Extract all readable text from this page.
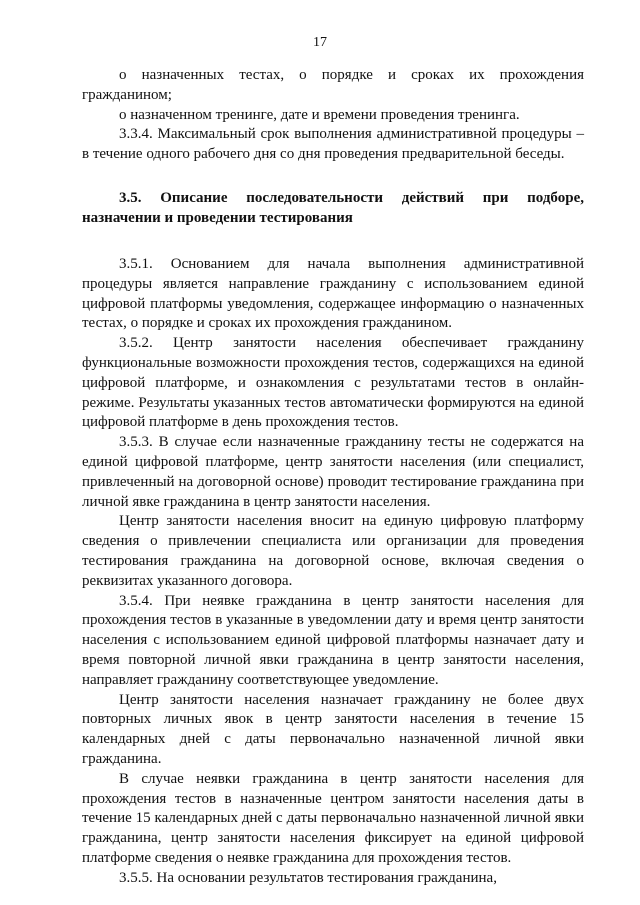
17

о назначенных тестах, о порядке и сроках их прохождения гражданином;

о назначенном тренинге, дате и времени проведения тренинга.

3.3.4. Максимальный срок выполнения административной процедуры – в течение одного рабочего дня со дня проведения предварительной беседы.

3.5. Описание последовательности действий при подборе, назначении и проведении тестирования

3.5.1. Основанием для начала выполнения административной процедуры является направление гражданину с использованием единой цифровой платформы уведомления, содержащее информацию о назначенных тестах, о порядке и сроках их прохождения гражданином.

3.5.2. Центр занятости населения обеспечивает гражданину функциональные возможности прохождения тестов, содержащихся на единой цифровой платформе, и ознакомления с результатами тестов в онлайн-режиме. Результаты указанных тестов автоматически формируются на единой цифровой платформе в день прохождения тестов.

3.5.3. В случае если назначенные гражданину тесты не содержатся на единой цифровой платформе, центр занятости населения (или специалист, привлеченный на договорной основе) проводит тестирование гражданина при личной явке гражданина в центр занятости населения.

Центр занятости населения вносит на единую цифровую платформу сведения о привлечении специалиста или организации для проведения тестирования гражданина на договорной основе, включая сведения о реквизитах указанного договора.

3.5.4. При неявке гражданина в центр занятости населения для прохождения тестов в указанные в уведомлении дату и время центр занятости населения с использованием единой цифровой платформы назначает дату и время повторной личной явки гражданина в центр занятости населения, направляет гражданину соответствующее уведомление.

Центр занятости населения назначает гражданину не более двух повторных личных явок в центр занятости населения в течение 15 календарных дней с даты первоначально назначенной личной явки гражданина.

В случае неявки гражданина в центр занятости населения для прохождения тестов в назначенные центром занятости населения даты в течение 15 календарных дней с даты первоначально назначенной личной явки гражданина, центр занятости населения фиксирует на единой цифровой платформе сведения о неявке гражданина для прохождения тестов.

3.5.5. На основании результатов тестирования гражданина,
